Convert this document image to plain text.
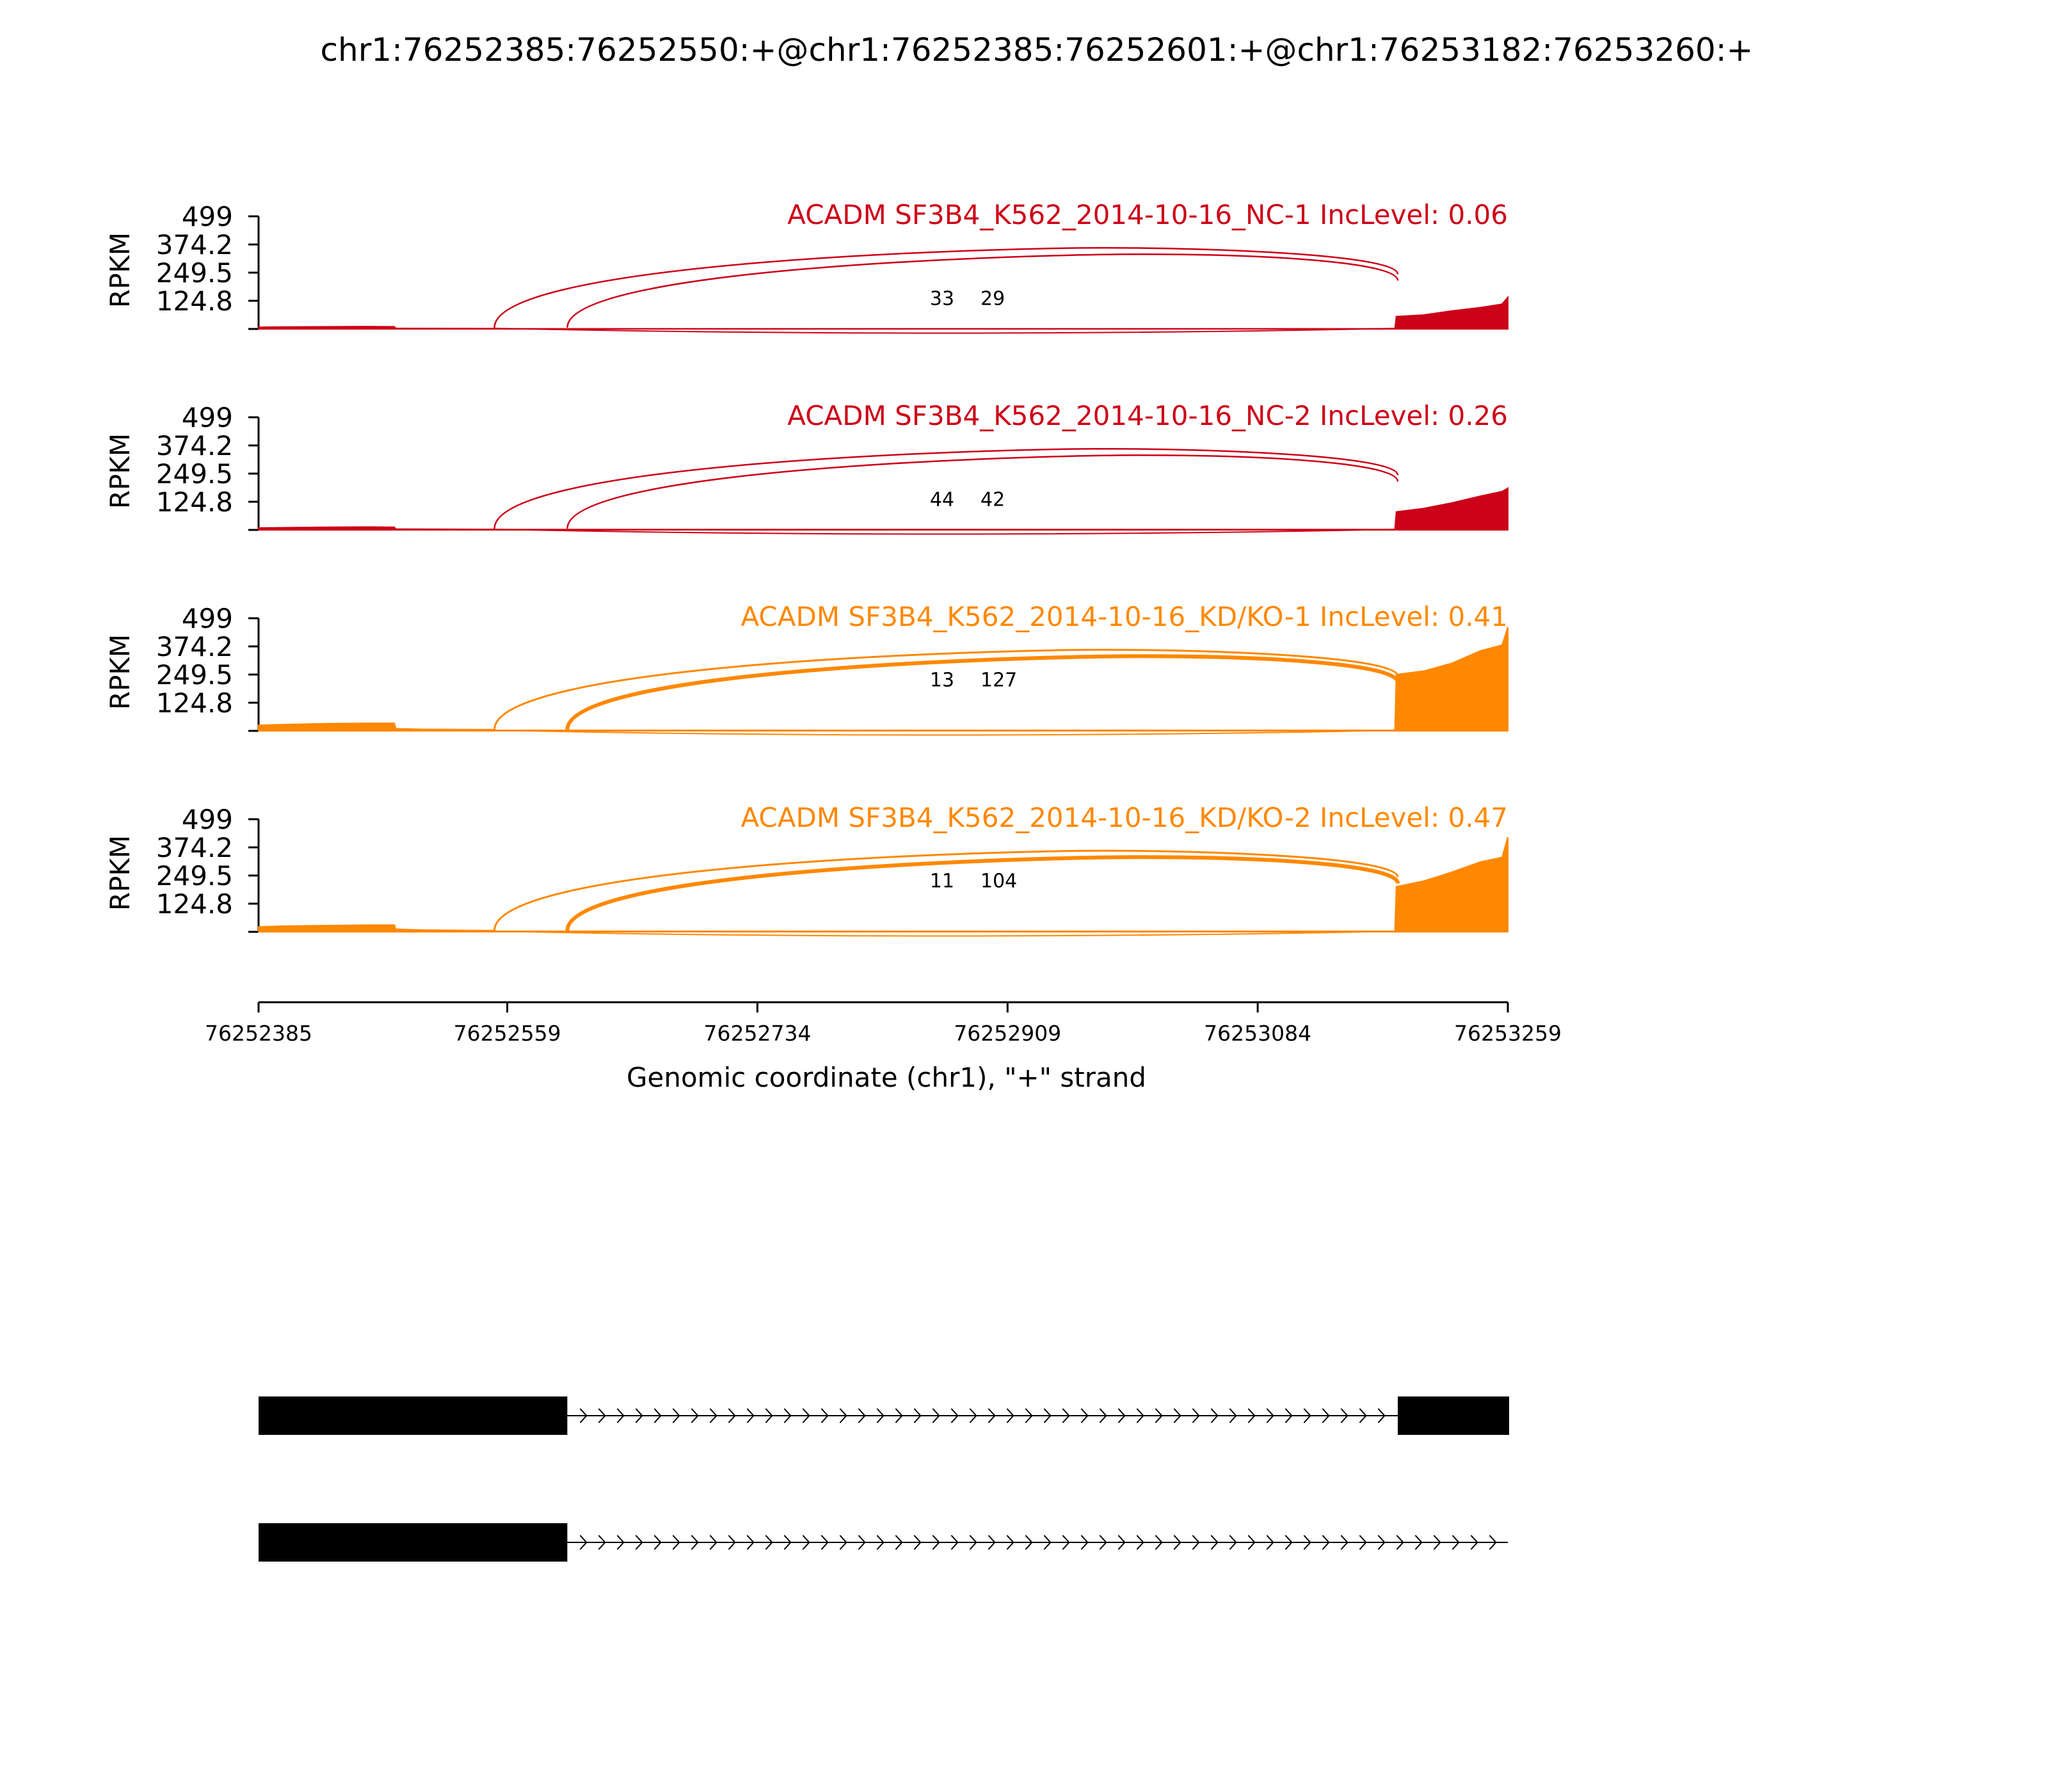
chr1:76252385:76252550:+@chr1:76252385:76252601:+@chr1:76253182:76253260:+
499
374.2
249.5
124.8
RPKM	33 29
ACADM SF3B4_K562_2014-10-16_NC-1 IncLevel: 0.06
499
374.2
249.5
124.8
RPKM	44 42
ACADM SF3B4_K562_2014-10-16_NC-2 IncLevel: 0.26
499
374.2
249.5
124.8
RPKM	13 127
ACADM SF3B4_K562_2014-10-16_KD/KO-1 IncLevel: 0.41
499
374.2
249.5
124.8
RPKM	11 104
ACADM SF3B4_K562_2014-10-16_KD/KO-2 IncLevel: 0.47
76252385	76252559	76252734	76252909	76253084	76253259
Genomic coordinate (chr1), "+" strand
